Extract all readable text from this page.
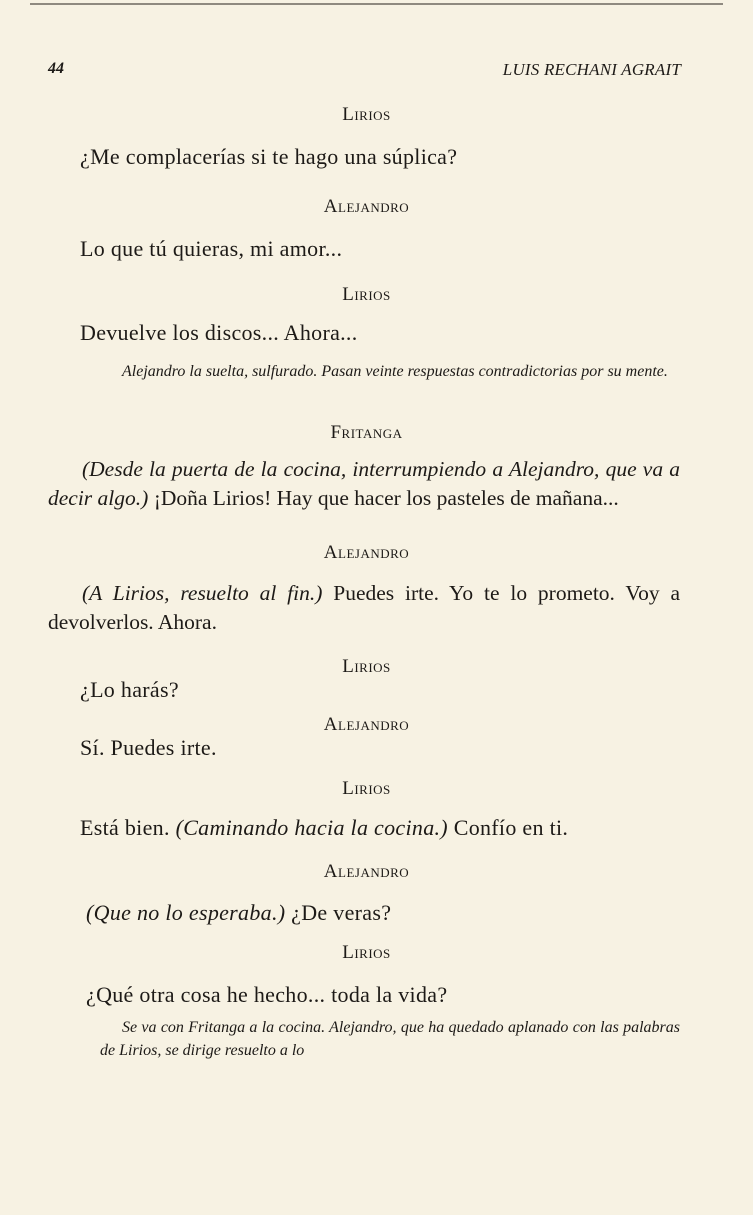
44	LUIS RECHANI AGRAIT
Lirios
¿Me complacerías si te hago una súplica?
Alejandro
Lo que tú quieras, mi amor...
Lirios
Devuelve los discos... Ahora...
Alejandro la suelta, sulfurado. Pasan veinte respuestas contradictorias por su mente.
Fritanga
(Desde la puerta de la cocina, interrumpiendo a Alejandro, que va a decir algo.) ¡Doña Lirios! Hay que hacer los pasteles de mañana...
Alejandro
(A Lirios, resuelto al fin.) Puedes irte. Yo te lo prometo. Voy a devolverlos. Ahora.
Lirios
¿Lo harás?
Alejandro
Sí. Puedes irte.
Lirios
Está bien. (Caminando hacia la cocina.) Confío en ti.
Alejandro
(Que no lo esperaba.) ¿De veras?
Lirios
¿Qué otra cosa he hecho... toda la vida?
Se va con Fritanga a la cocina. Alejandro, que ha quedado aplanado con las palabras de Lirios, se dirige resuelto a lo
